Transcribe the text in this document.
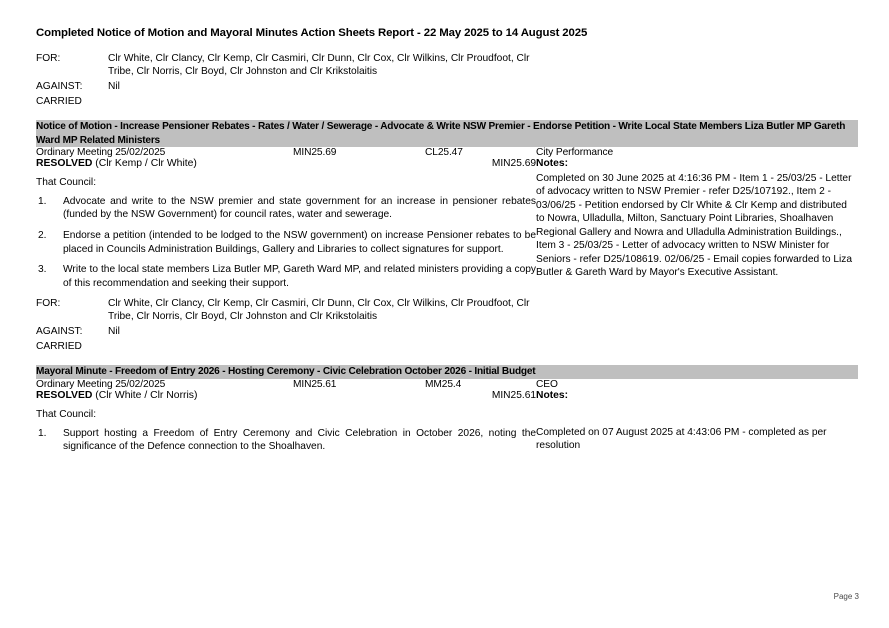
Completed Notice of Motion and Mayoral Minutes Action Sheets Report - 22 May 2025 to 14 August 2025
FOR: Clr White, Clr Clancy, Clr Kemp, Clr Casmiri, Clr Dunn, Clr Cox, Clr Wilkins, Clr Proudfoot, Clr Tribe, Clr Norris, Clr Boyd, Clr Johnston and Clr Krikstolaitis
AGAINST: Nil
CARRIED			

Notice of Motion - Increase Pensioner Rebates - Rates / Water / Sewerage - Advocate & Write NSW Premier - Endorse Petition - Write Local State Members Liza Butler MP Gareth Ward MP Related Ministers			
Ordinary Meeting 25/02/2025	MIN25.69	CL25.47	City Performance

RESOLVED (Clr Kemp / Clr White)	MIN25.69
That Council:
1. Advocate and write to the NSW premier and state government for an increase in pensioner rebates (funded by the NSW Government) for council rates, water and sewerage.
2. Endorse a petition (intended to be lodged to the NSW government) on increase Pensioner rebates to be placed in Councils Administration Buildings, Gallery and Libraries to collect signatures for support.
3. Write to the local state members Liza Butler MP, Gareth Ward MP, and related ministers providing a copy of this recommendation and seeking their support.
FOR:	Clr White, Clr Clancy, Clr Kemp, Clr Casmiri, Clr Dunn, Clr Cox, Clr Wilkins, Clr Proudfoot, Clr Tribe, Clr Norris, Clr Boyd, Clr Johnston and Clr Krikstolaitis
AGAINST:	Nil
CARRIED

Notes:
Completed on 30 June 2025 at 4:16:36 PM - Item 1 - 25/03/25 - Letter of advocacy written to NSW Premier - refer D25/107192., Item 2 - 03/06/25 - Petition endorsed by Clr White & Clr Kemp and distributed to Nowra, Ulladulla, Milton, Sanctuary Point Libraries, Shoalhaven Regional Gallery and Nowra and Ulladulla Administration Buildings., Item 3 - 25/03/25 - Letter of advocacy written to NSW Minister for Seniors - refer D25/108619. 02/06/25 - Email copies forwarded to Liza Butler & Gareth Ward by Mayor's Executive Assistant.

Mayoral Minute - Freedom of Entry 2026 - Hosting Ceremony - Civic Celebration October 2026 - Initial Budget			
Ordinary Meeting 25/02/2025	MIN25.61	MM25.4	CEO

RESOLVED (Clr White / Clr Norris)	MIN25.61
That Council:
1. Support hosting a Freedom of Entry Ceremony and Civic Celebration in October 2026, noting the significance of the Defence connection to the Shoalhaven.

Notes:
Completed on 07 August 2025 at 4:43:06 PM - completed as per resolution
Page 3
